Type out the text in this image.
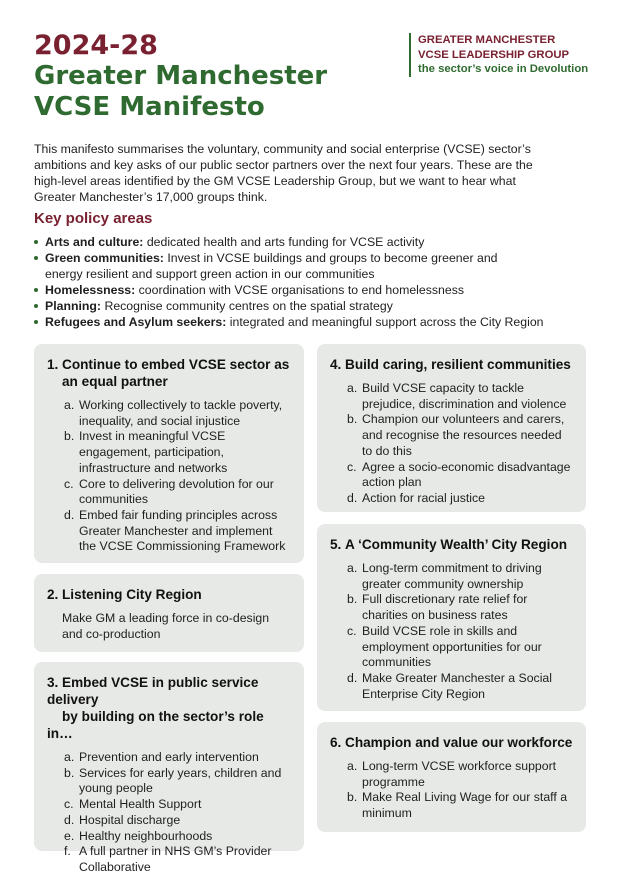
2024-28
Greater Manchester
VCSE Manifesto
GREATER MANCHESTER
VCSE LEADERSHIP GROUP
the sector’s voice in Devolution

This manifesto summarises the voluntary, community and social enterprise (VCSE) sector’s ambitions and key asks of our public sector partners over the next four years. These are the high-level areas identified by the GM VCSE Leadership Group, but we want to hear what Greater Manchester’s 17,000 groups think.

Key policy areas
Arts and culture: dedicated health and arts funding for VCSE activity
Green communities: Invest in VCSE buildings and groups to become greener and energy resilient and support green action in our communities
Homelessness: coordination with VCSE organisations to end homelessness
Planning: Recognise community centres on the spatial strategy
Refugees and Asylum seekers: integrated and meaningful support across the City Region
1. Continue to embed VCSE sector as
an equal partner
a. Working collectively to tackle poverty, inequality, and social injustice
b. Invest in meaningful VCSE engagement, participation, infrastructure and networks
c. Core to delivering devolution for our communities
d. Embed fair funding principles across Greater Manchester and implement the VCSE Commissioning Framework
2. Listening City Region

Make GM a leading force in co-design and co-production

3. Embed VCSE in public service delivery
by building on the sector’s role in…
a. Prevention and early intervention
b. Services for early years, children and young people
c. Mental Health Support
d. Hospital discharge
e. Healthy neighbourhoods
f. A full partner in NHS GM’s Provider Collaborative
4. Build caring, resilient communities
a. Build VCSE capacity to tackle prejudice, discrimination and violence
b. Champion our volunteers and carers, and recognise the resources needed to do this
c. Agree a socio-economic disadvantage action plan
d. Action for racial justice
5. A ‘Community Wealth’ City Region
a. Long-term commitment to driving greater community ownership
b. Full discretionary rate relief for charities on business rates
c. Build VCSE role in skills and employment opportunities for our communities
d. Make Greater Manchester a Social Enterprise City Region
6. Champion and value our workforce
a. Long-term VCSE workforce support programme
b. Make Real Living Wage for our staff a minimum
